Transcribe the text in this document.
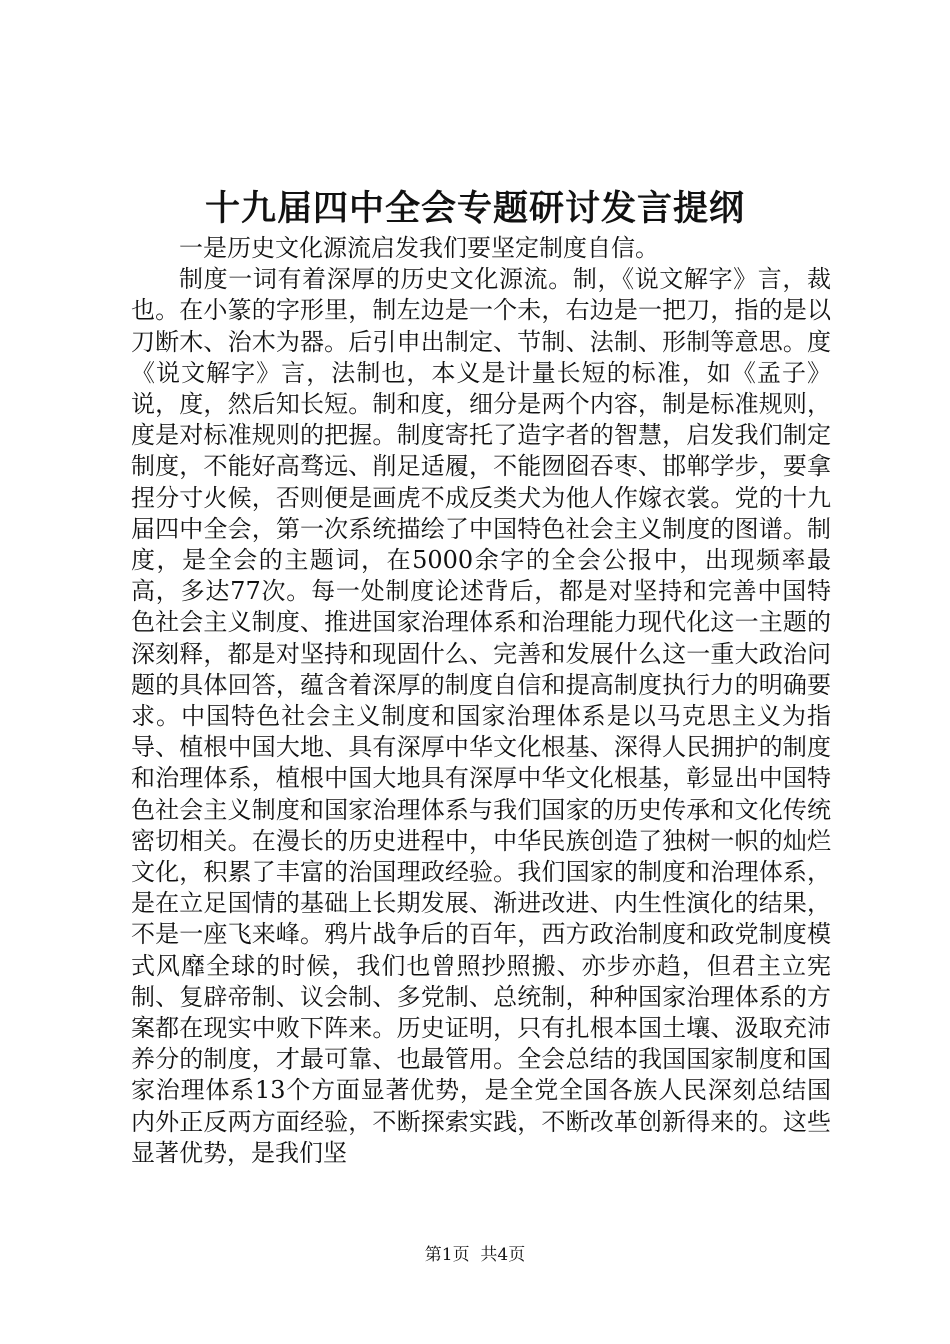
十九届四中全会专题研讨发言提纲

一是历史文化源流启发我们要坚定制度自信。

制度一词有着深厚的历史文化源流。制，《说文解字》言，裁也。在小篆的字形里，制左边是一个未，右边是一把刀，指的是以刀断木、治木为器。后引申出制定、节制、法制、形制等意思。度《说文解字》言，法制也，本义是计量长短的标准，如《孟子》说，度，然后知长短。制和度，细分是两个内容，制是标准规则，度是对标准规则的把握。制度寄托了造字者的智慧，启发我们制定制度，不能好高骛远、削足适履，不能囫囵吞枣、邯郸学步，要拿捏分寸火候，否则便是画虎不成反类犬为他人作嫁衣裳。党的十九届四中全会，第一次系统描绘了中国特色社会主义制度的图谱。制度，是全会的主题词，在5000余字的全会公报中，出现频率最高，多达77次。每一处制度论述背后，都是对坚持和完善中国特色社会主义制度、推进国家治理体系和治理能力现代化这一主题的深刻释，都是对坚持和现固什么、完善和发展什么这一重大政治问题的具体回答，蕴含着深厚的制度自信和提高制度执行力的明确要求。中国特色社会主义制度和国家治理体系是以马克思主义为指导、植根中国大地、具有深厚中华文化根基、深得人民拥护的制度和治理体系，植根中国大地具有深厚中华文化根基，彰显出中国特色社会主义制度和国家治理体系与我们国家的历史传承和文化传统密切相关。在漫长的历史进程中，中华民族创造了独树一帜的灿烂文化，积累了丰富的治国理政经验。我们国家的制度和治理体系，是在立足国情的基础上长期发展、渐进改进、内生性演化的结果，不是一座飞来峰。鸦片战争后的百年，西方政治制度和政党制度模式风靡全球的时候，我们也曾照抄照搬、亦步亦趋，但君主立宪制、复辟帝制、议会制、多党制、总统制，种种国家治理体系的方案都在现实中败下阵来。历史证明，只有扎根本国土壤、汲取充沛养分的制度，才最可靠、也最管用。全会总结的我国国家制度和国家治理体系13个方面显著优势，是全党全国各族人民深刻总结国内外正反两方面经验，不断探索实践，不断改革创新得来的。这些显著优势，是我们坚

第1页 共4页
